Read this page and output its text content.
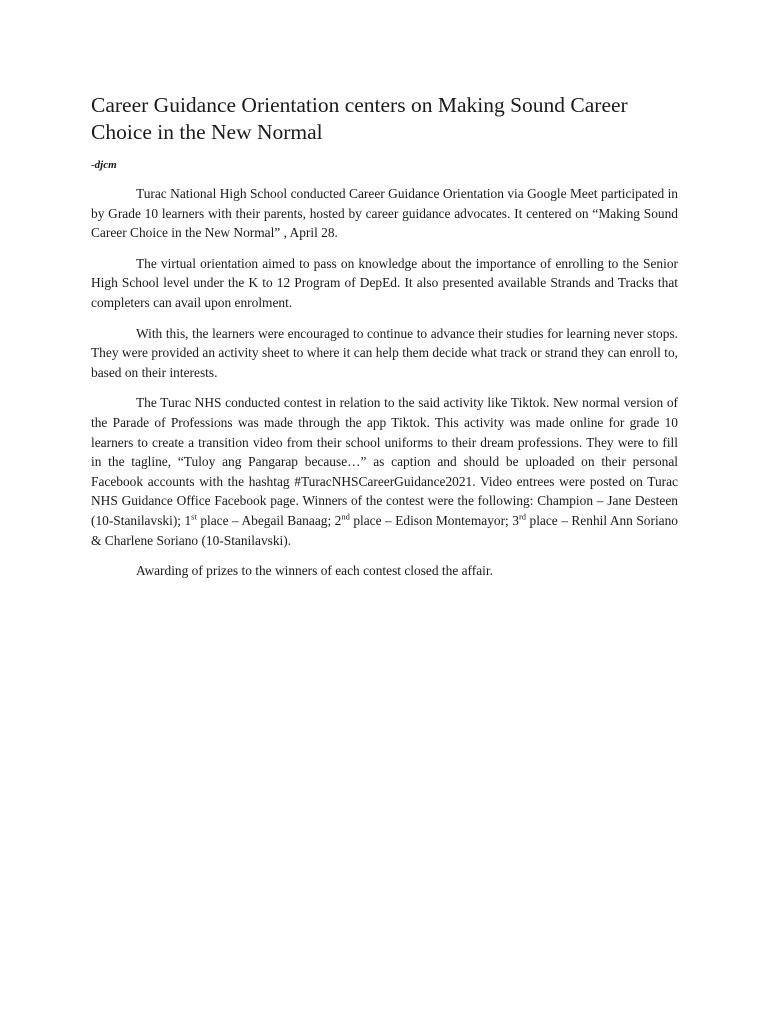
Career Guidance Orientation centers on Making Sound Career Choice in the New Normal
-djcm

Turac National High School conducted Career Guidance Orientation via Google Meet participated in by Grade 10 learners with their parents, hosted by career guidance advocates. It centered on “Making Sound Career Choice in the New Normal” , April 28.

The virtual orientation aimed to pass on knowledge about the importance of enrolling to the Senior High School level under the K to 12 Program of DepEd. It also presented available Strands and Tracks that completers can avail upon enrolment.

With this, the learners were encouraged to continue to advance their studies for learning never stops. They were provided an activity sheet to where it can help them decide what track or strand they can enroll to, based on their interests.

The Turac NHS conducted contest in relation to the said activity like Tiktok. New normal version of the Parade of Professions was made through the app Tiktok. This activity was made online for grade 10 learners to create a transition video from their school uniforms to their dream professions. They were to fill in the tagline, “Tuloy ang Pangarap because…” as caption and should be uploaded on their personal Facebook accounts with the hashtag #TuracNHSCareerGuidance2021. Video entrees were posted on Turac NHS Guidance Office Facebook page. Winners of the contest were the following: Champion – Jane Desteen (10-Stanilavski); 1st place – Abegail Banaag; 2nd place – Edison Montemayor; 3rd place – Renhil Ann Soriano & Charlene Soriano (10-Stanilavski).

Awarding of prizes to the winners of each contest closed the affair.
